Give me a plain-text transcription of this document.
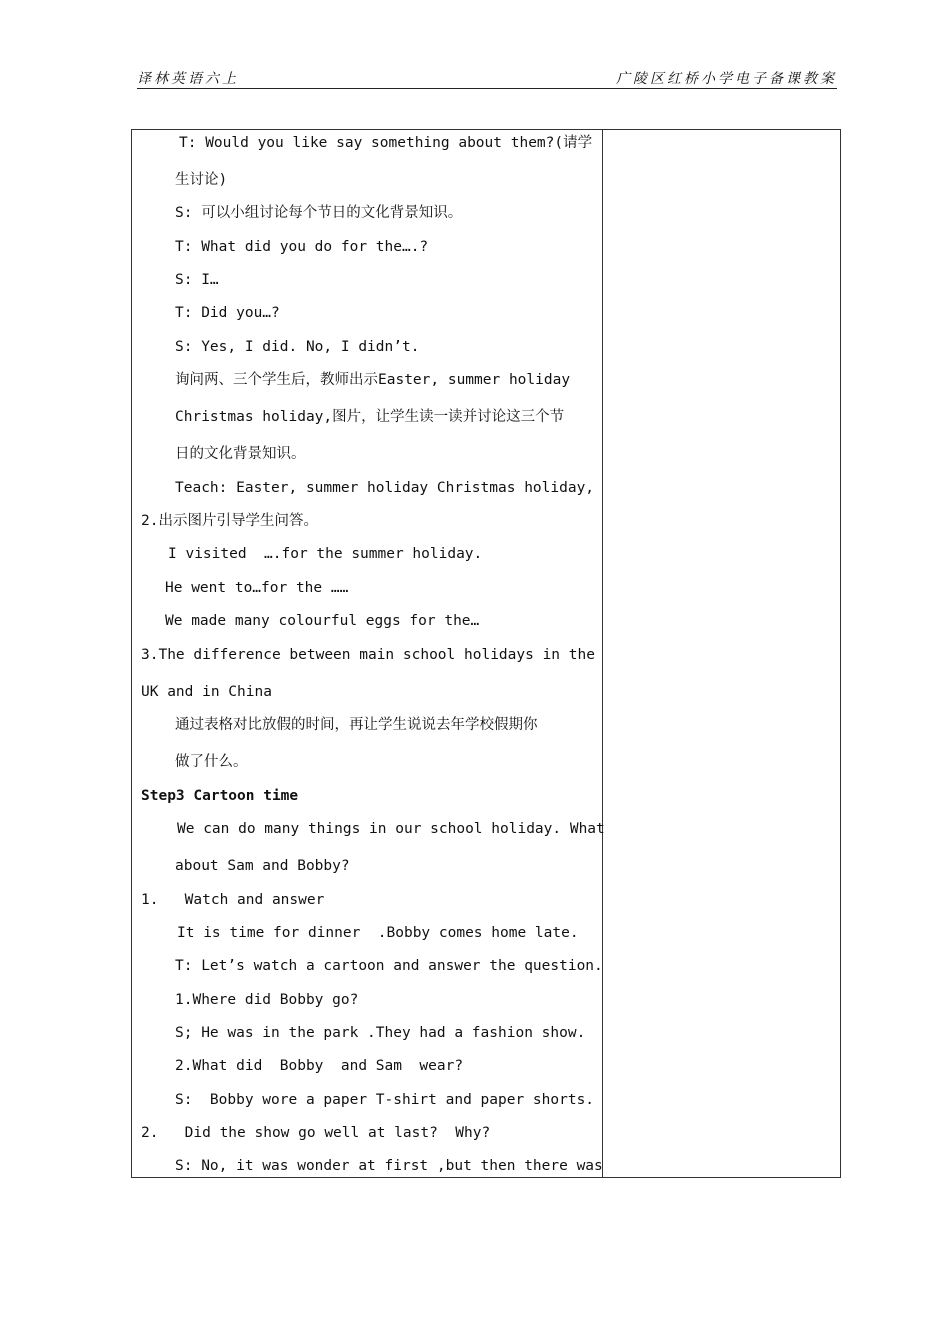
译林英语六上	广陵区红桥小学电子备课教案
T: Would you like say something about them?(请学
生讨论)
S: 可以小组讨论每个节日的文化背景知识。
T: What did you do for the….?
S: I…
T: Did you…?
S: Yes, I did. No, I didn’t.
询问两、三个学生后，教师出示Easter, summer holiday
Christmas holiday,图片，让学生读一读并讨论这三个节
日的文化背景知识。
Teach: Easter, summer holiday Christmas holiday,
2.出示图片引导学生问答。
I visited  ….for the summer holiday.
He went to…for the ……
We made many colourful eggs for the…
3.The difference between main school holidays in the
UK and in China
通过表格对比放假的时间，再让学生说说去年学校假期你
做了什么。
Step3 Cartoon time
We can do many things in our school holiday. What
about Sam and Bobby?
1.   Watch and answer
It is time for dinner  .Bobby comes home late.
T: Let’s watch a cartoon and answer the question.
1.Where did Bobby go?
S; He was in the park .They had a fashion show.
2.What did  Bobby  and Sam  wear?
S:  Bobby wore a paper T-shirt and paper shorts.
2.   Did the show go well at last?  Why?
S: No, it was wonder at first ,but then there was
